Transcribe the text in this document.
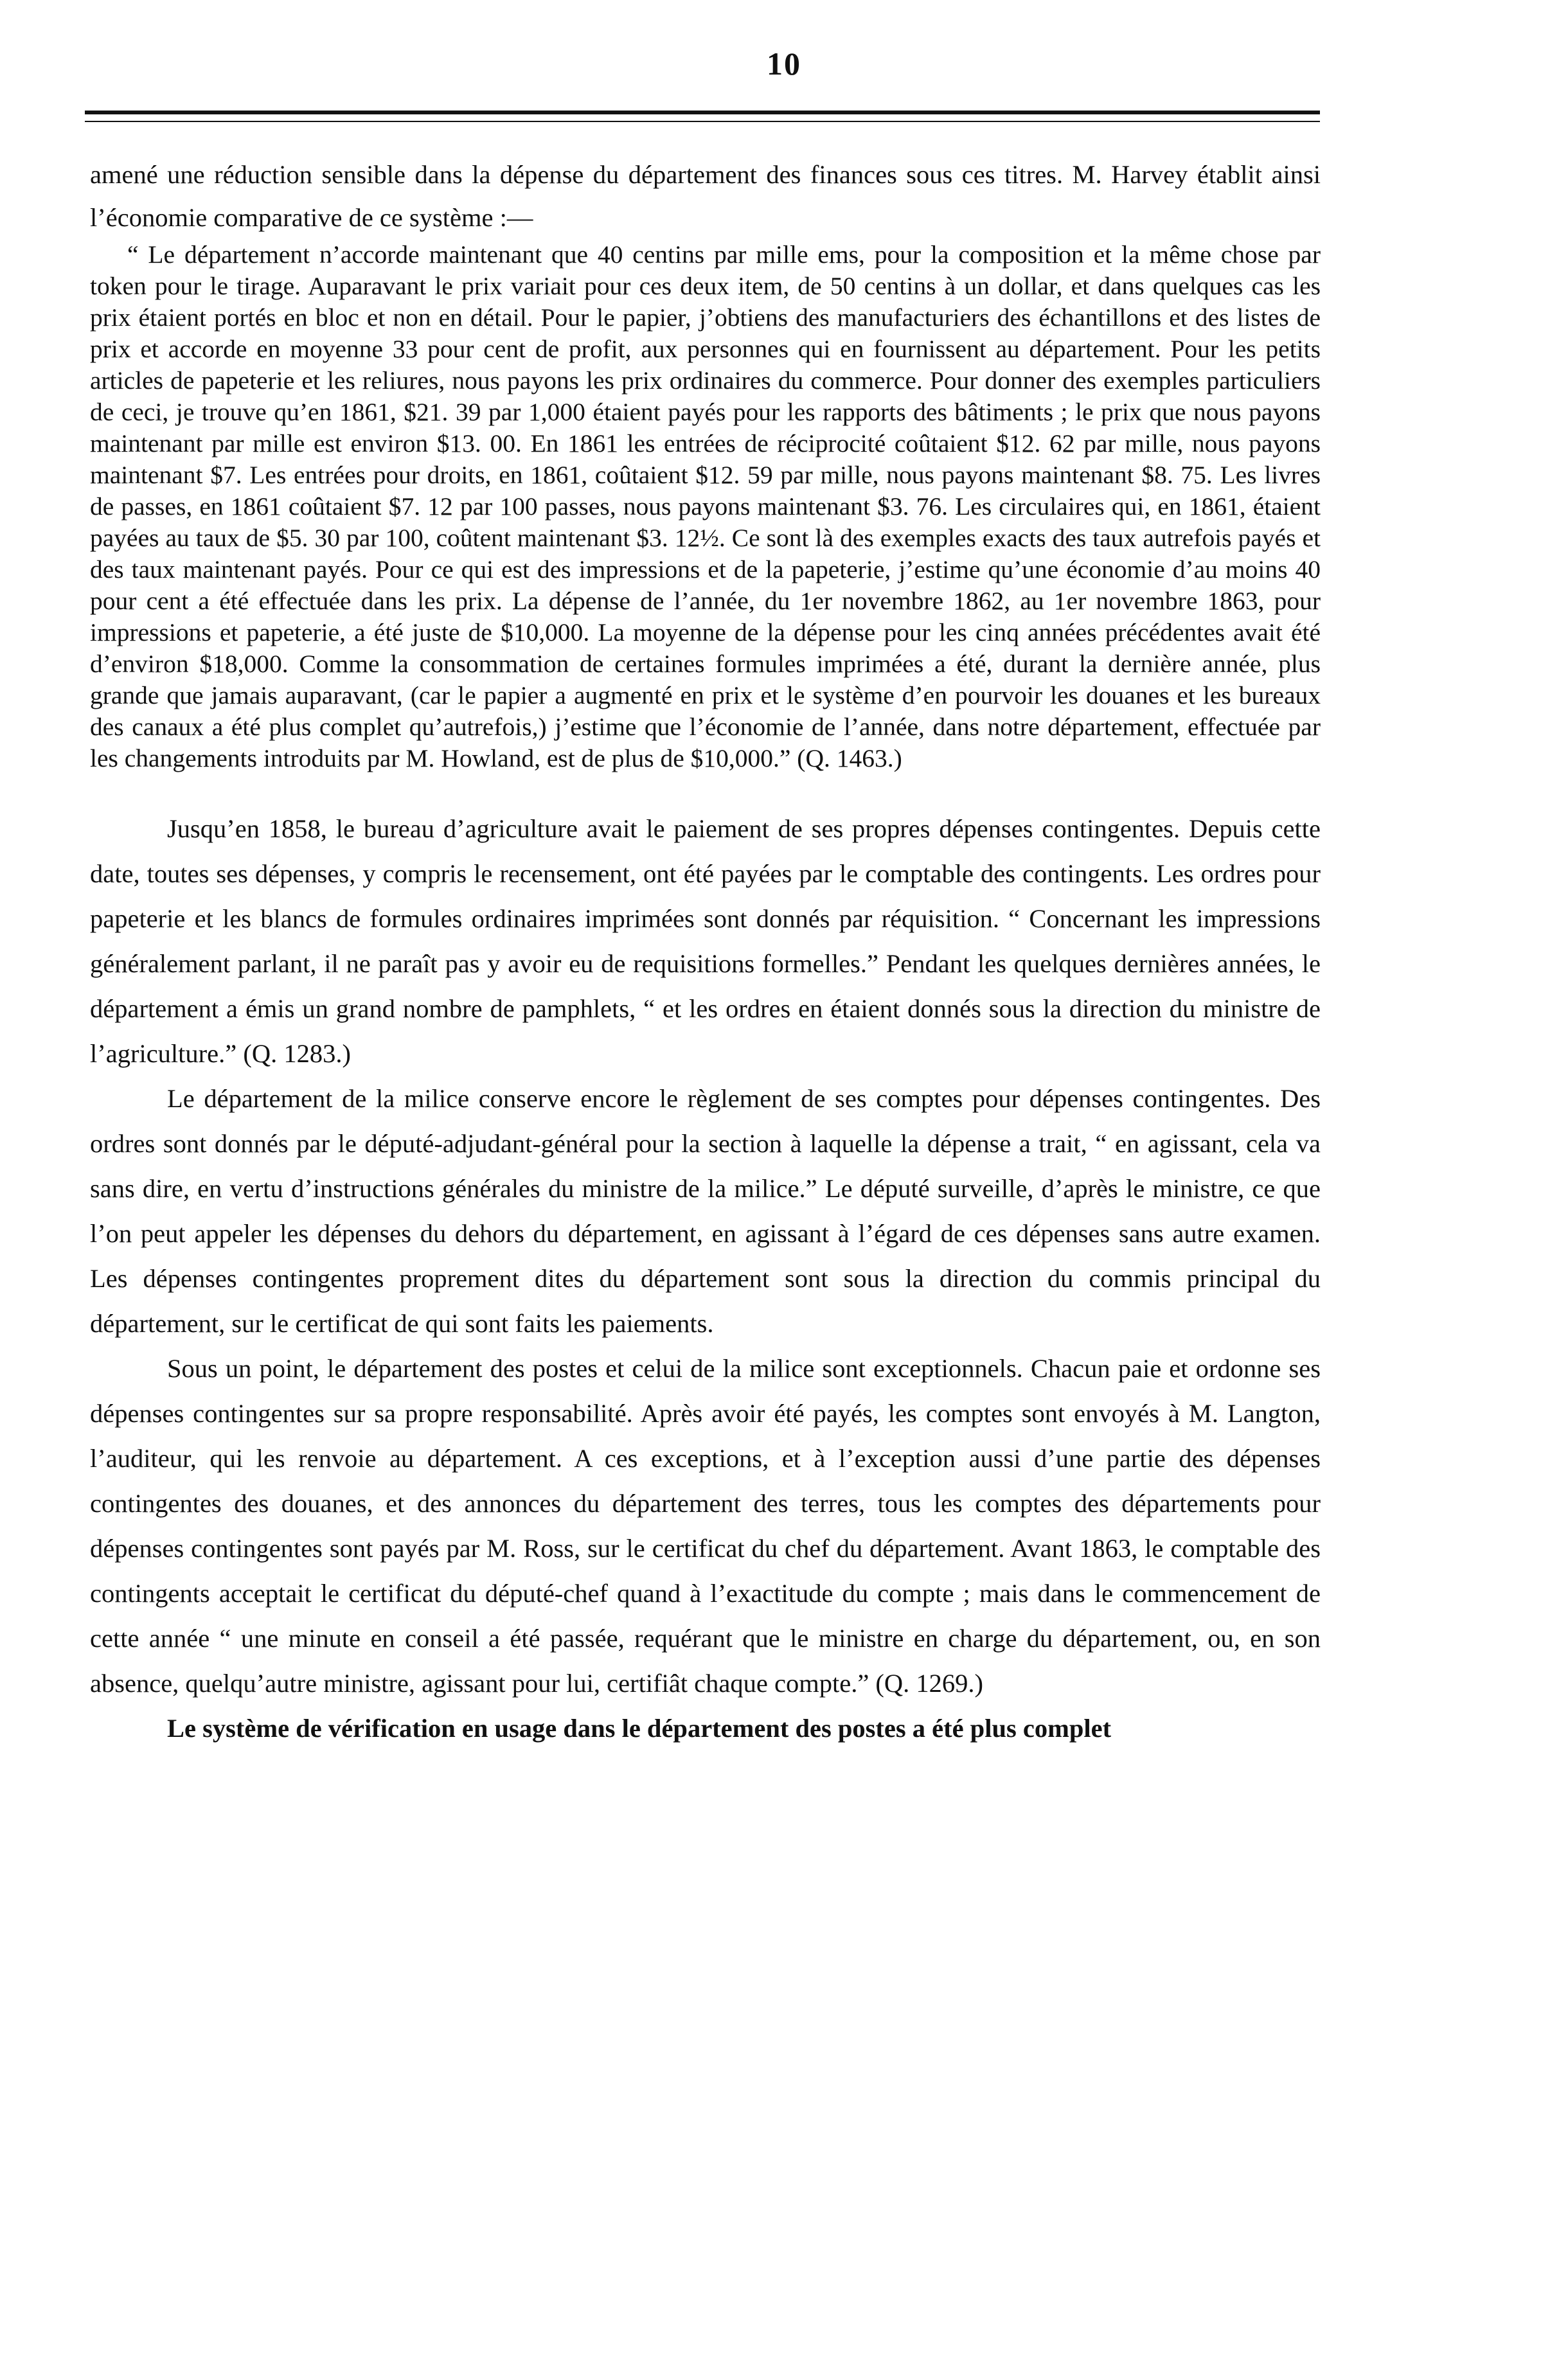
10

amené une réduction sensible dans la dépense du département des finances sous ces titres. M. Harvey établit ainsi l’économie comparative de ce système :—

“ Le département n’accorde maintenant que 40 centins par mille ems, pour la composition et la même chose par token pour le tirage. Auparavant le prix variait pour ces deux item, de 50 centins à un dollar, et dans quelques cas les prix étaient portés en bloc et non en détail. Pour le papier, j’obtiens des manufacturiers des échantillons et des listes de prix et accorde en moyenne 33 pour cent de profit, aux personnes qui en fournissent au département. Pour les petits articles de papeterie et les reliures, nous payons les prix ordinaires du commerce. Pour donner des exemples particuliers de ceci, je trouve qu’en 1861, $21. 39 par 1,000 étaient payés pour les rapports des bâtiments ; le prix que nous payons maintenant par mille est environ $13. 00. En 1861 les entrées de réciprocité coûtaient $12. 62 par mille, nous payons maintenant $7. Les entrées pour droits, en 1861, coûtaient $12. 59 par mille, nous payons maintenant $8. 75. Les livres de passes, en 1861 coûtaient $7. 12 par 100 passes, nous payons maintenant $3. 76. Les circulaires qui, en 1861, étaient payées au taux de $5. 30 par 100, coûtent maintenant $3. 12½. Ce sont là des exemples exacts des taux autrefois payés et des taux maintenant payés. Pour ce qui est des impressions et de la papeterie, j’estime qu’une économie d’au moins 40 pour cent a été effectuée dans les prix. La dépense de l’année, du 1er novembre 1862, au 1er novembre 1863, pour impressions et papeterie, a été juste de $10,000. La moyenne de la dépense pour les cinq années précédentes avait été d’environ $18,000. Comme la consommation de certaines formules imprimées a été, durant la dernière année, plus grande que jamais auparavant, (car le papier a augmenté en prix et le système d’en pourvoir les douanes et les bureaux des canaux a été plus complet qu’autrefois,) j’estime que l’économie de l’année, dans notre département, effectuée par les changements introduits par M. Howland, est de plus de $10,000.” (Q. 1463.)

Jusqu’en 1858, le bureau d’agriculture avait le paiement de ses propres dépenses contingentes. Depuis cette date, toutes ses dépenses, y compris le recensement, ont été payées par le comptable des contingents. Les ordres pour papeterie et les blancs de formules ordinaires imprimées sont donnés par réquisition. “ Concernant les impressions généralement parlant, il ne paraît pas y avoir eu de requisitions formelles.” Pendant les quelques dernières années, le département a émis un grand nombre de pamphlets, “ et les ordres en étaient donnés sous la direction du ministre de l’agriculture.” (Q. 1283.)

Le département de la milice conserve encore le règlement de ses comptes pour dépenses contingentes. Des ordres sont donnés par le député-adjudant-général pour la section à laquelle la dépense a trait, “ en agissant, cela va sans dire, en vertu d’instructions générales du ministre de la milice.” Le député surveille, d’après le ministre, ce que l’on peut appeler les dépenses du dehors du département, en agissant à l’égard de ces dépenses sans autre examen. Les dépenses contingentes proprement dites du département sont sous la direction du commis principal du département, sur le certificat de qui sont faits les paiements.

Sous un point, le département des postes et celui de la milice sont exceptionnels. Chacun paie et ordonne ses dépenses contingentes sur sa propre responsabilité. Après avoir été payés, les comptes sont envoyés à M. Langton, l’auditeur, qui les renvoie au département. A ces exceptions, et à l’exception aussi d’une partie des dépenses contingentes des douanes, et des annonces du département des terres, tous les comptes des départements pour dépenses contingentes sont payés par M. Ross, sur le certificat du chef du département. Avant 1863, le comptable des contingents acceptait le certificat du député-chef quand à l’exactitude du compte ; mais dans le commencement de cette année “ une minute en conseil a été passée, requérant que le ministre en charge du département, ou, en son absence, quelqu’autre ministre, agissant pour lui, certifiât chaque compte.” (Q. 1269.)

Le système de vérification en usage dans le département des postes a été plus complet
